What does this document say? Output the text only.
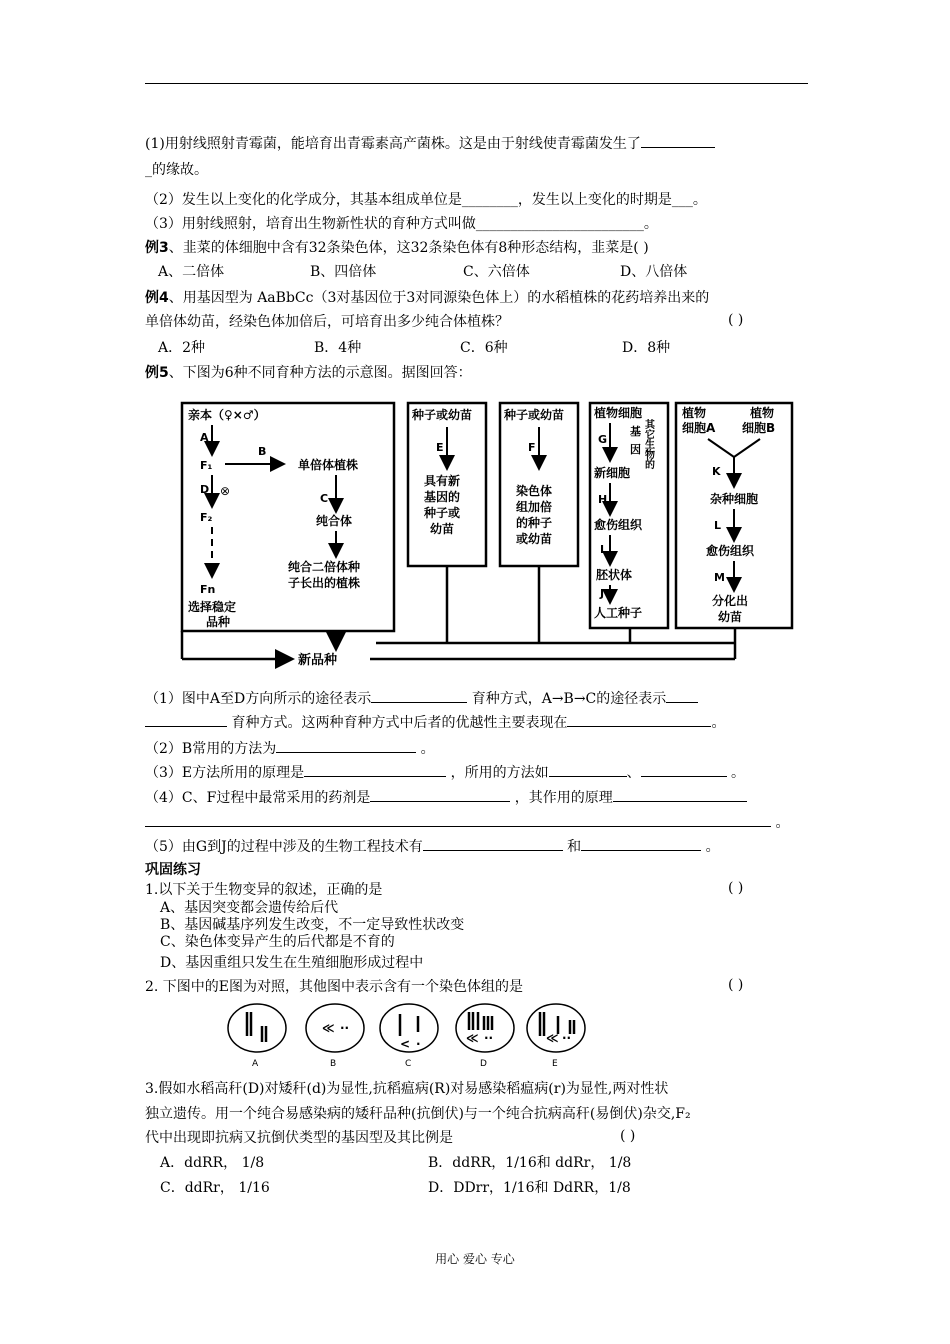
(1)用射线照射青霉菌，能培育出青霉素高产菌株。这是由于射线使青霉菌发生了
_的缘故。
（2）发生以上变化的化学成分，其基本组成单位是________，发生以上变化的时期是___。
（3）用射线照射，培育出生物新性状的育种方式叫做________________________。
例3、韭菜的体细胞中含有32条染色体，这32条染色体有8种形态结构，韭菜是( )
A、二倍体	B、四倍体	C、六倍体	D、八倍体
例4、用基因型为 AaBbCc（3对基因位于3对同源染色体上）的水稻植株的花药培养出来的
单倍体幼苗，经染色体加倍后，可培育出多少纯合体植株？	( )
A．2种	B．4种	C．6种	D．8种
例5、下图为6种不同育种方法的示意图。据图回答：
亲本（♀×♂）
A
F₁
B
D ⊗
F₂
Fn
选择稳定
品种
单倍体植株
C
纯合体
纯合二倍体种
子长出的植株
种子或幼苗
E
具有新
基因的
种子或
幼苗
种子或幼苗
F
染色体
组加倍
的种子
或幼苗
植物细胞
G
基
因 其它生物的
新细胞
H
愈伤组织
I
胚状体
J
人工种子
植物
细胞A
植物
细胞B
K
杂种细胞
L
愈伤组织
M
分化出
幼苗
新品种
（1）图中A至D方向所示的途径表示	育种方式，A→B→C的途径表示
育种方式。这两种育种方式中后者的优越性主要表现在	。
（2）B常用的方法为	。
（3）E方法所用的原理是	，所用的方法如	、	。
（4）C、F过程中最常采用的药剂是	，其作用的原理
。
（5）由G到J的过程中涉及的生物工程技术有	和	。
巩固练习
1.以下关于生物变异的叙述，正确的是	( )
A、基因突变都会遗传给后代
B、基因碱基序列发生改变，不一定导致性状改变
C、染色体变异产生的后代都是不育的
D、基因重组只发生在生殖细胞形成过程中
2. 下图中的E图为对照，其他图中表示含有一个染色体组的是	( )
≪ ··
< ·	≪ ··	≪ ··
A	B	C	D	E
3.假如水稻高秆(D)对矮秆(d)为显性,抗稻瘟病(R)对易感染稻瘟病(r)为显性,两对性状
独立遗传。用一个纯合易感染病的矮秆品种(抗倒伏)与一个纯合抗病高秆(易倒伏)杂交,F₂
代中出现即抗病又抗倒伏类型的基因型及其比例是	( )
A．ddRR， 1/8	B．ddRR，1/16和 ddRr， 1/8
C．ddRr， 1/16	D．DDrr，1/16和 DdRR，1/8
用心 爱心 专心
